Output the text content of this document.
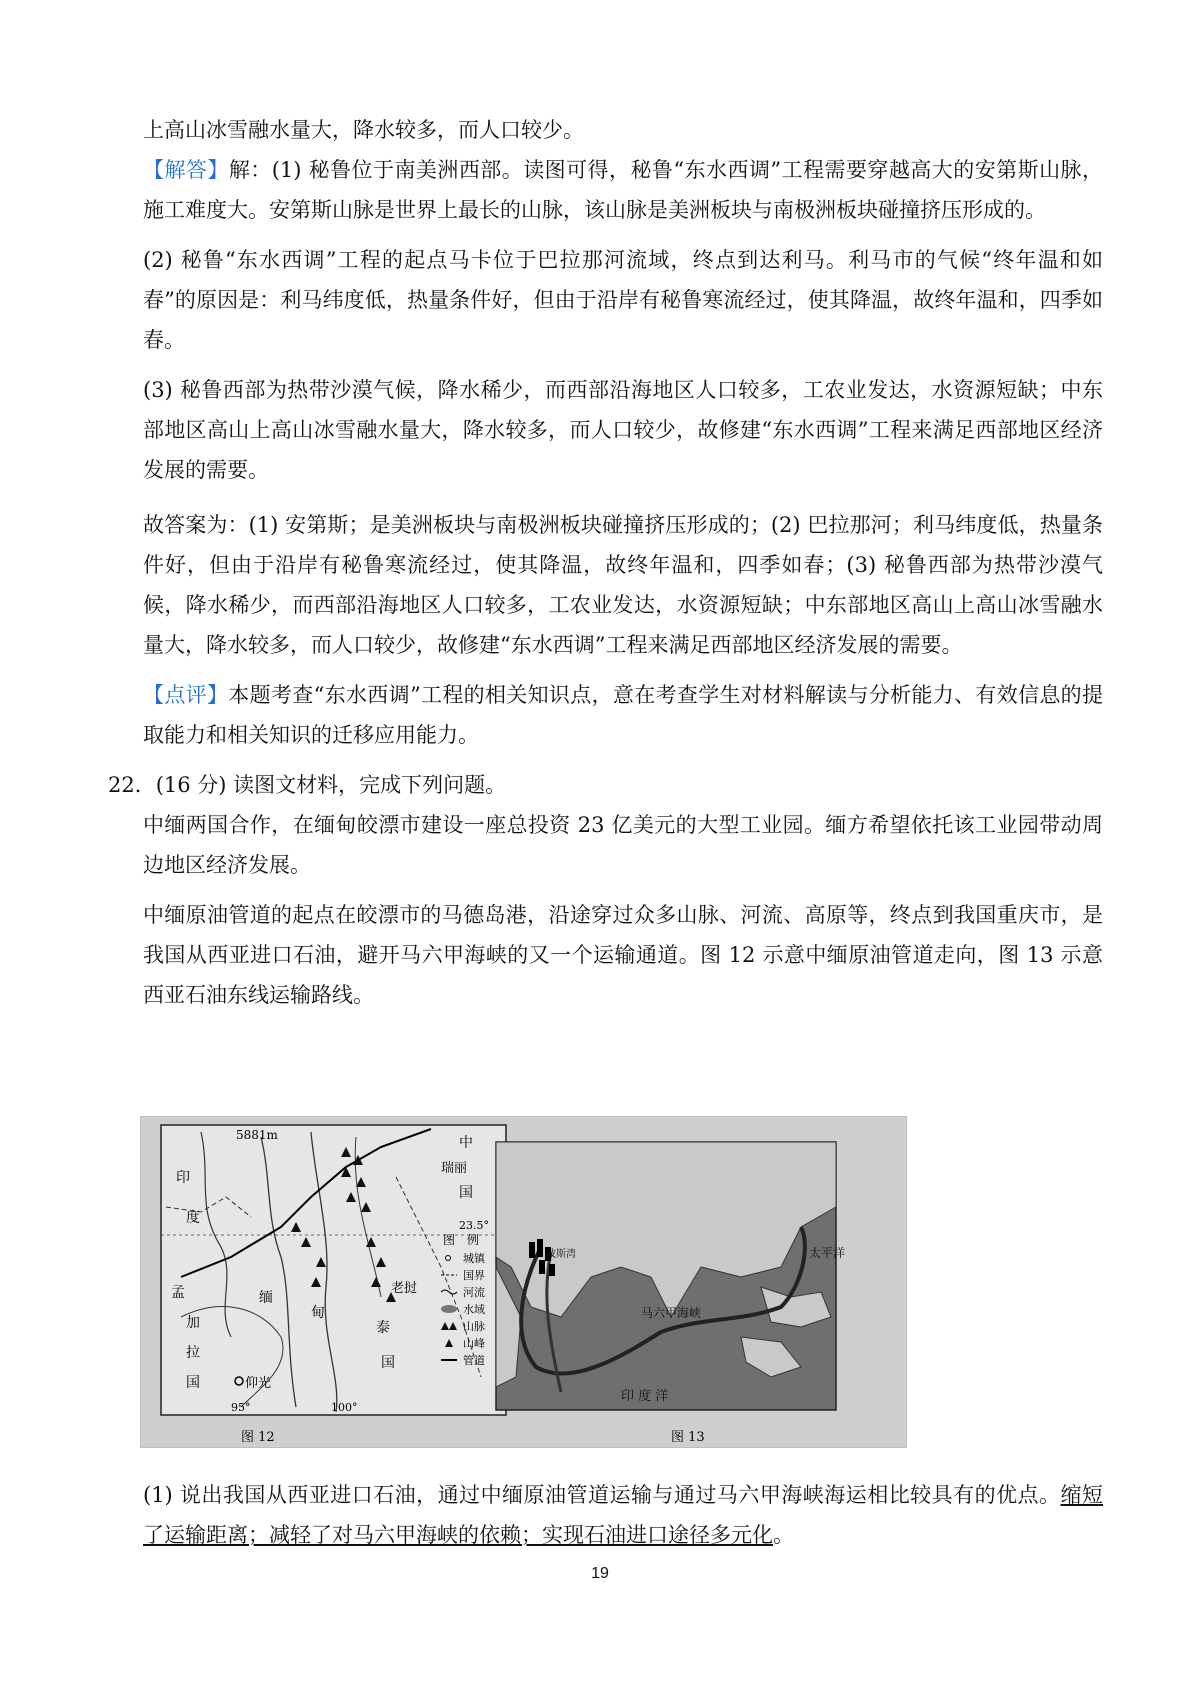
上高山冰雪融水量大，降水较多，而人口较少。

【解答】解：(1) 秘鲁位于南美洲西部。读图可得，秘鲁“东水西调”工程需要穿越高大的安第斯山脉，施工难度大。安第斯山脉是世界上最长的山脉，该山脉是美洲板块与南极洲板块碰撞挤压形成的。

(2) 秘鲁“东水西调”工程的起点马卡位于巴拉那河流域，终点到达利马。利马市的气候“终年温和如春”的原因是：利马纬度低，热量条件好，但由于沿岸有秘鲁寒流经过，使其降温，故终年温和，四季如春。

(3) 秘鲁西部为热带沙漠气候，降水稀少，而西部沿海地区人口较多，工农业发达，水资源短缺；中东部地区高山上高山冰雪融水量大，降水较多，而人口较少，故修建“东水西调”工程来满足西部地区经济发展的需要。

故答案为：(1) 安第斯；是美洲板块与南极洲板块碰撞挤压形成的；(2) 巴拉那河；利马纬度低，热量条件好，但由于沿岸有秘鲁寒流经过，使其降温，故终年温和，四季如春；(3) 秘鲁西部为热带沙漠气候，降水稀少，而西部沿海地区人口较多，工农业发达，水资源短缺；中东部地区高山上高山冰雪融水量大，降水较多，而人口较少，故修建“东水西调”工程来满足西部地区经济发展的需要。

【点评】本题考查“东水西调”工程的相关知识点，意在考查学生对材料解读与分析能力、有效信息的提取能力和相关知识的迁移应用能力。

22．(16 分) 读图文材料，完成下列问题。

中缅两国合作，在缅甸皎漂市建设一座总投资 23 亿美元的大型工业园。缅方希望依托该工业园带动周边地区经济发展。

中缅原油管道的起点在皎漂市的马德岛港，沿途穿过众多山脉、河流、高原等，终点到我国重庆市，是我国从西亚进口石油，避开马六甲海峡的又一个运输通道。图 12 示意中缅原油管道走向，图 13 示意西亚石油东线运输路线。

5881m	中
国
瑞丽
印
度
缅
甸
孟
加
拉
国
老挝
泰
国
仰光
23.5°
95°	100°
图　例
城镇
国界
河流
水域
山脉
山峰
管道
图 12
波斯湾
马六甲海峡
印 度 洋
太平洋
图 13

(1) 说出我国从西亚进口石油，通过中缅原油管道运输与通过马六甲海峡海运相比较具有的优点。缩短了运输距离；减轻了对马六甲海峡的依赖；实现石油进口途径多元化。

19
